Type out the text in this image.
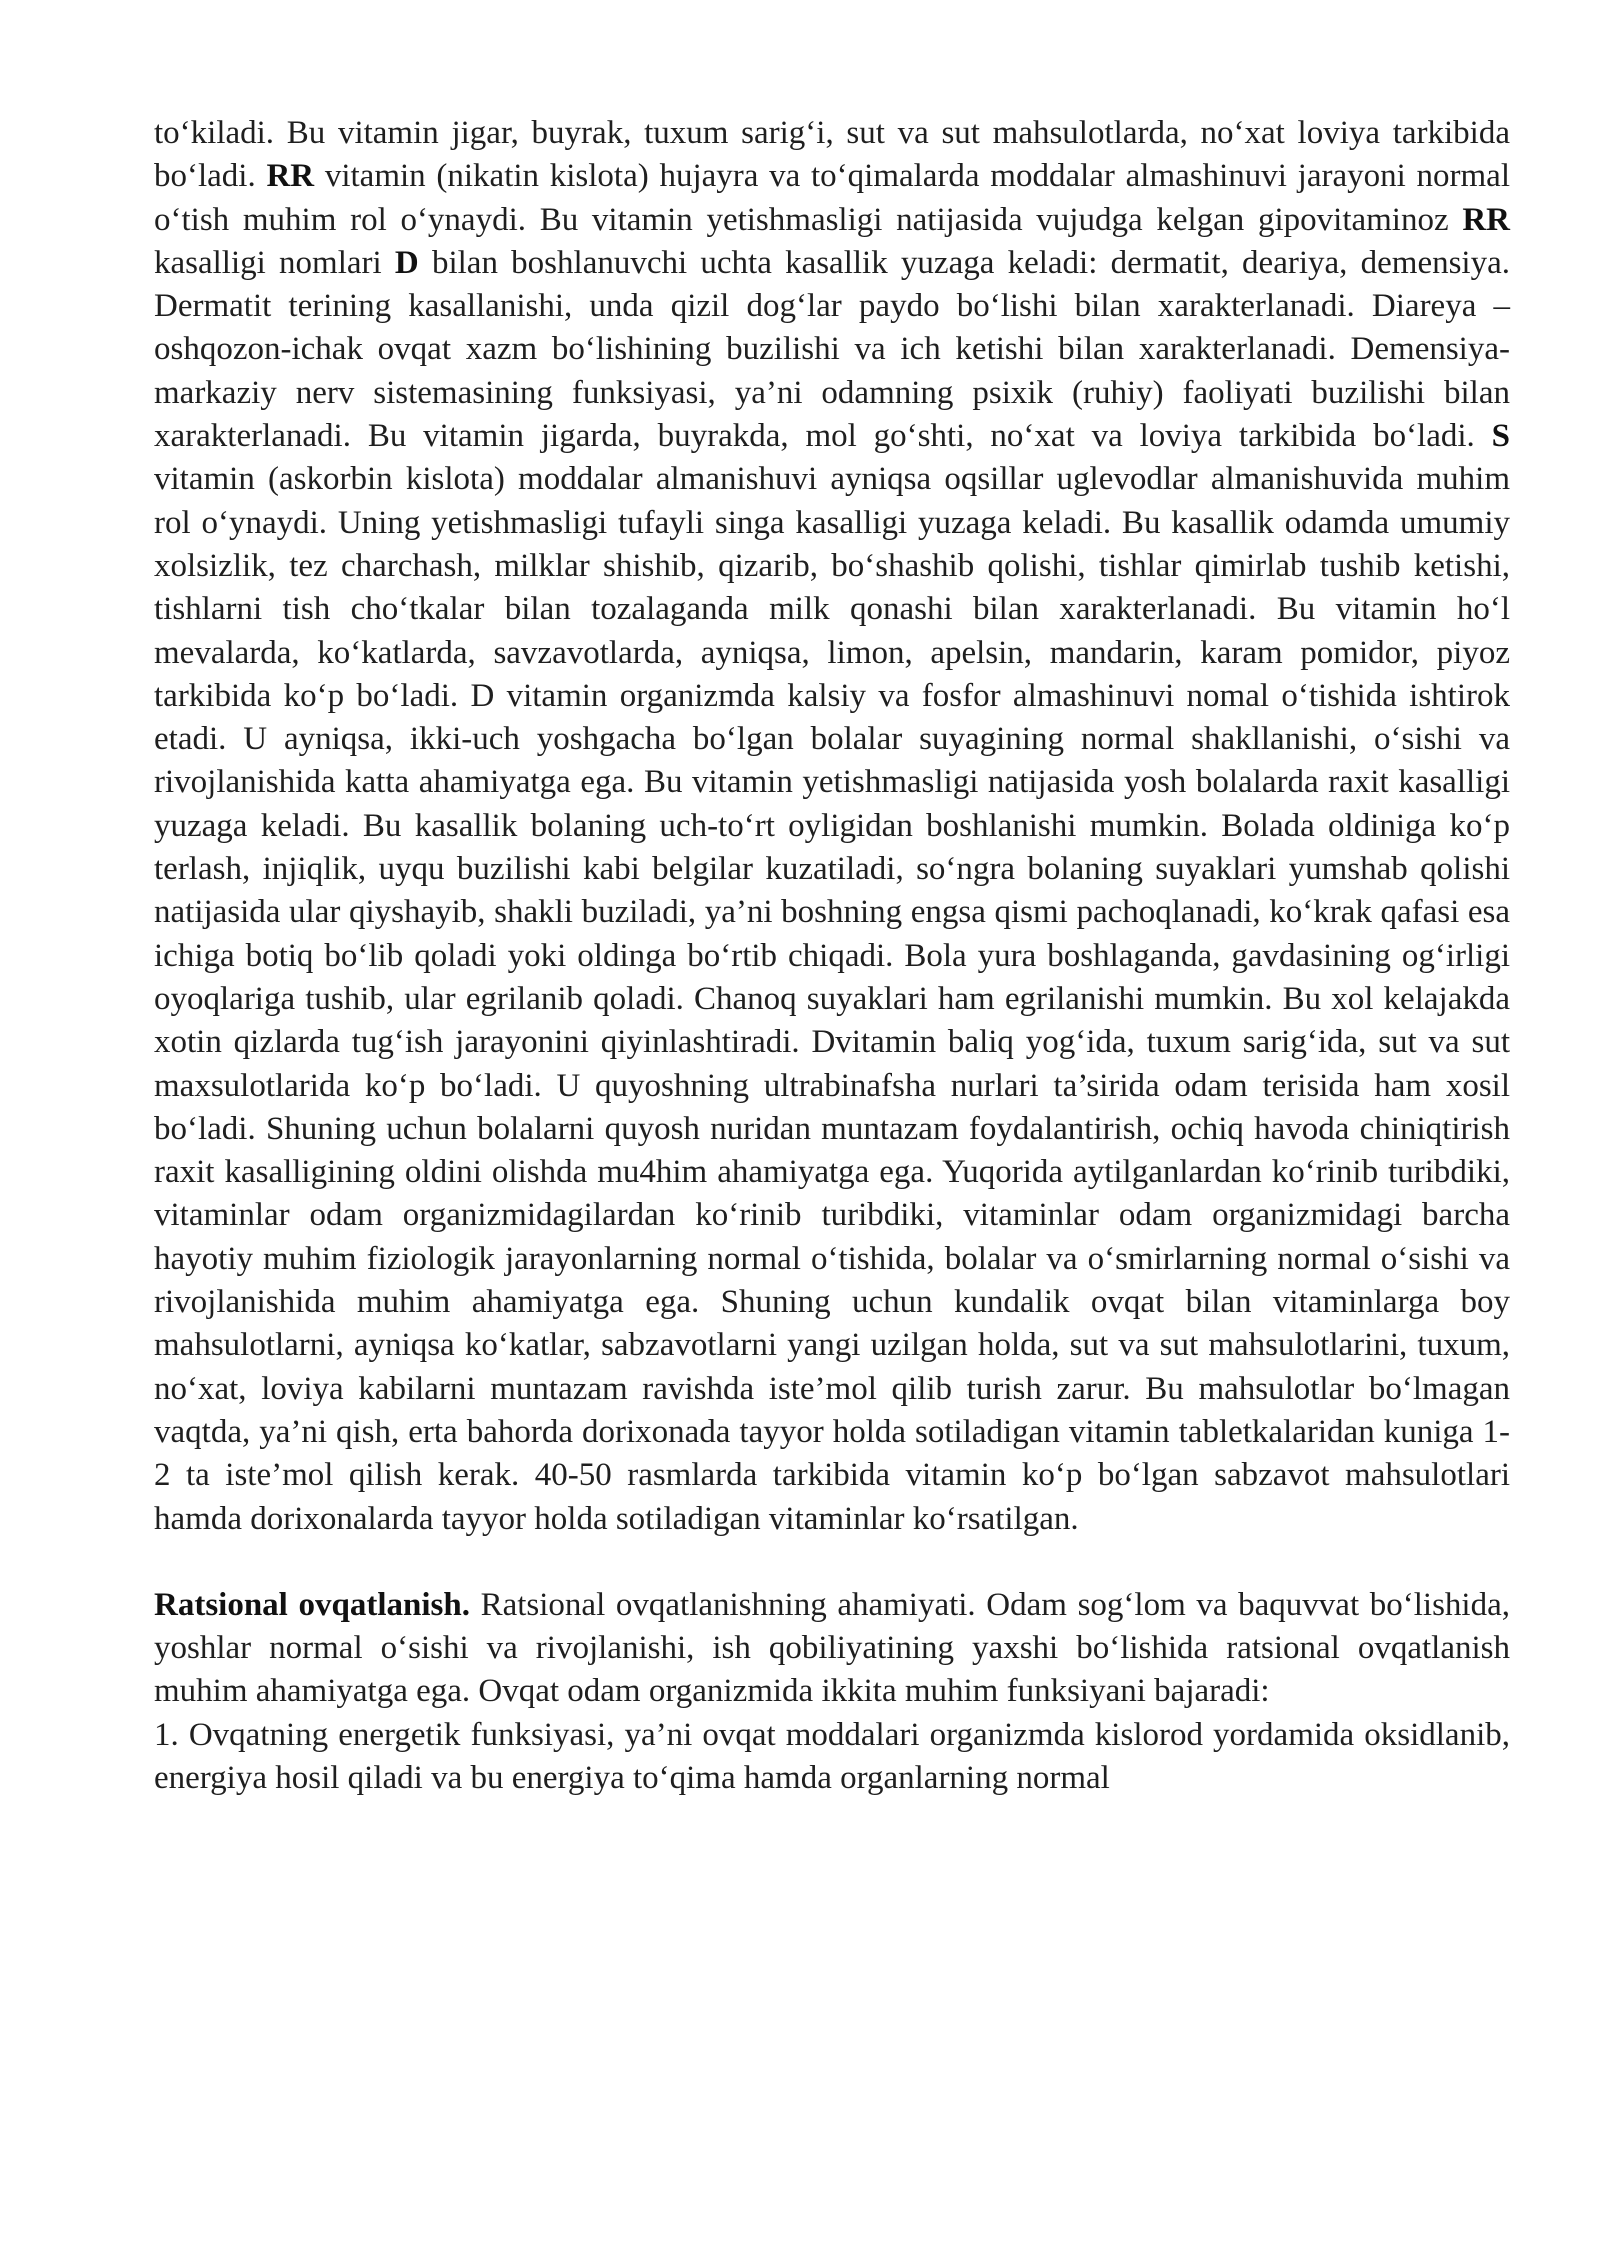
to‘kiladi. Bu vitamin jigar, buyrak, tuxum sarig‘i, sut va sut mahsulotlarda, no‘xat loviya tarkibida bo‘ladi. RR vitamin (nikatin kislota) hujayra va to‘qimalarda moddalar almashinuvi jarayoni normal o‘tish muhim rol o‘ynaydi. Bu vitamin yetishmasligi natijasida vujudga kelgan gipovitaminoz RR kasalligi nomlari D bilan boshlanuvchi uchta kasallik yuzaga keladi: dermatit, deariya, demensiya. Dermatit terining kasallanishi, unda qizil dog‘lar paydo bo‘lishi bilan xarakterlanadi. Diareya –oshqozon-ichak ovqat xazm bo‘lishining buzilishi va ich ketishi bilan xarakterlanadi. Demensiya-markaziy nerv sistemasining funksiyasi, ya’ni odamning psixik (ruhiy) faoliyati buzilishi bilan xarakterlanadi. Bu vitamin jigarda, buyrakda, mol go‘shti, no‘xat va loviya tarkibida bo‘ladi. S vitamin (askorbin kislota) moddalar almanishuvi ayniqsa oqsillar uglevodlar almanishuvida muhim rol o‘ynaydi. Uning yetishmasligi tufayli singa kasalligi yuzaga keladi. Bu kasallik odamda umumiy xolsizlik, tez charchash, milklar shishib, qizarib, bo‘shashib qolishi, tishlar qimirlab tushib ketishi, tishlarni tish cho‘tkalar bilan tozalaganda milk qonashi bilan xarakterlanadi. Bu vitamin ho‘l mevalarda, ko‘katlarda, savzavotlarda, ayniqsa, limon, apelsin, mandarin, karam pomidor, piyoz tarkibida ko‘p bo‘ladi. D vitamin organizmda kalsiy va fosfor almashinuvi nomal o‘tishida ishtirok etadi. U ayniqsa, ikki-uch yoshgacha bo‘lgan bolalar suyagining normal shakllanishi, o‘sishi va rivojlanishida katta ahamiyatga ega. Bu vitamin yetishmasligi natijasida yosh bolalarda raxit kasalligi yuzaga keladi. Bu kasallik bolaning uch-to‘rt oyligidan boshlanishi mumkin. Bolada oldiniga ko‘p terlash, injiqlik, uyqu buzilishi kabi belgilar kuzatiladi, so‘ngra bolaning suyaklari yumshab qolishi natijasida ular qiyshayib, shakli buziladi, ya’ni boshning engsa qismi pachoqlanadi, ko‘krak qafasi esa ichiga botiq bo‘lib qoladi yoki oldinga bo‘rtib chiqadi. Bola yura boshlaganda, gavdasining og‘irligi oyoqlariga tushib, ular egrilanib qoladi. Chanoq suyaklari ham egrilanishi mumkin. Bu xol kelajakda xotin qizlarda tug‘ish jarayonini qiyinlashtiradi. Dvitamin baliq yog‘ida, tuxum sarig‘ida, sut va sut maxsulotlarida ko‘p bo‘ladi. U quyoshning ultrabinafsha nurlari ta’sirida odam terisida ham xosil bo‘ladi. Shuning uchun bolalarni quyosh nuridan muntazam foydalantirish, ochiq havoda chiniqtirish raxit kasalligining oldini olishda mu4him ahamiyatga ega. Yuqorida aytilganlardan ko‘rinib turibdiki, vitaminlar odam organizmidagilardan ko‘rinib turibdiki, vitaminlar odam organizmidagi barcha hayotiy muhim fiziologik jarayonlarning normal o‘tishida, bolalar va o‘smirlarning normal o‘sishi va rivojlanishida muhim ahamiyatga ega. Shuning uchun kundalik ovqat bilan vitaminlarga boy mahsulotlarni, ayniqsa ko‘katlar, sabzavotlarni yangi uzilgan holda, sut va sut mahsulotlarini, tuxum, no‘xat, loviya kabilarni muntazam ravishda iste’mol qilib turish zarur. Bu mahsulotlar bo‘lmagan vaqtda, ya’ni qish, erta bahorda dorixonada tayyor holda sotiladigan vitamin tabletkalaridan kuniga 1-2 ta iste’mol qilish kerak. 40-50 rasmlarda tarkibida vitamin ko‘p bo‘lgan sabzavot mahsulotlari hamda dorixonalarda tayyor holda sotiladigan vitaminlar ko‘rsatilgan.

Ratsional ovqatlanish. Ratsional ovqatlanishning ahamiyati. Odam sog‘lom va baquvvat bo‘lishida, yoshlar normal o‘sishi va rivojlanishi, ish qobiliyatining yaxshi bo‘lishida ratsional ovqatlanish muhim ahamiyatga ega. Ovqat odam organizmida ikkita muhim funksiyani bajaradi:

1. Ovqatning energetik funksiyasi, ya’ni ovqat moddalari organizmda kislorod yordamida oksidlanib, energiya hosil qiladi va bu energiya to‘qima hamda organlarning normal
